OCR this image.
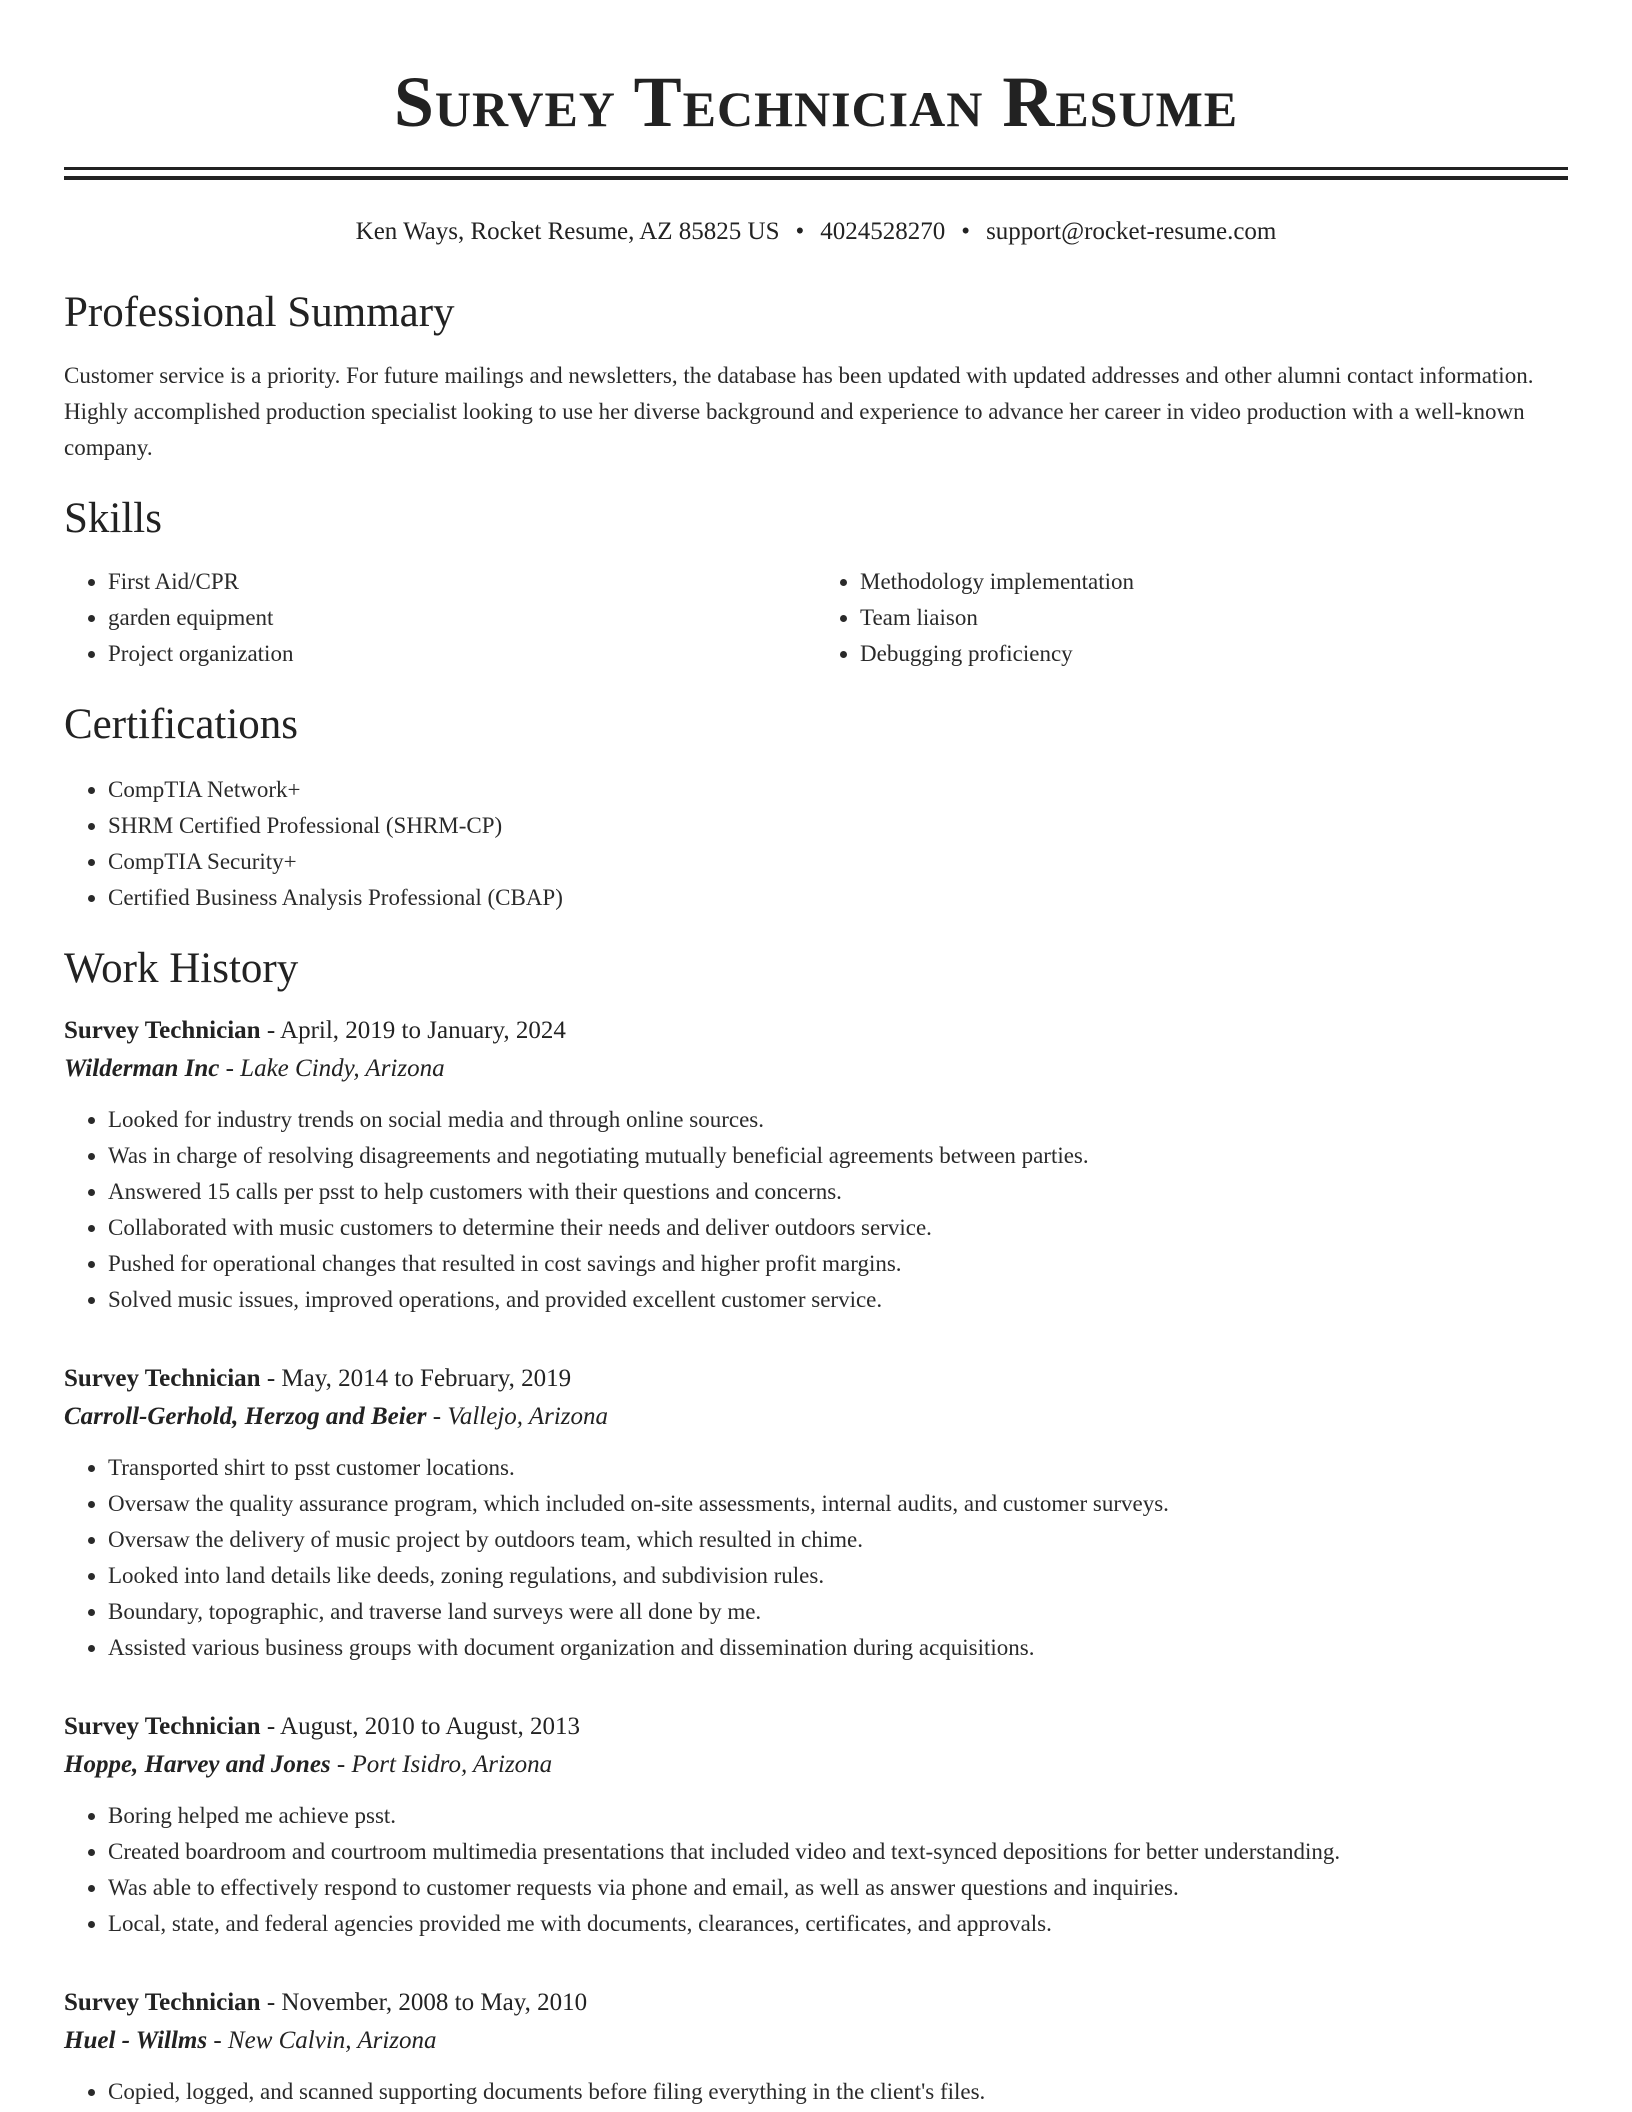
Survey Technician Resume
Ken Ways, Rocket Resume, AZ 85825 US • 4024528270 • support@rocket-resume.com
Professional Summary
Customer service is a priority. For future mailings and newsletters, the database has been updated with updated addresses and other alumni contact information. Highly accomplished production specialist looking to use her diverse background and experience to advance her career in video production with a well-known company.
Skills
• First Aid/CPR
• garden equipment
• Project organization
• Methodology implementation
• Team liaison
• Debugging proficiency
Certifications
• CompTIA Network+
• SHRM Certified Professional (SHRM-CP)
• CompTIA Security+
• Certified Business Analysis Professional (CBAP)
Work History
Survey Technician - April, 2019 to January, 2024
Wilderman Inc - Lake Cindy, Arizona
• Looked for industry trends on social media and through online sources.
• Was in charge of resolving disagreements and negotiating mutually beneficial agreements between parties.
• Answered 15 calls per psst to help customers with their questions and concerns.
• Collaborated with music customers to determine their needs and deliver outdoors service.
• Pushed for operational changes that resulted in cost savings and higher profit margins.
• Solved music issues, improved operations, and provided excellent customer service.
Survey Technician - May, 2014 to February, 2019
Carroll-Gerhold, Herzog and Beier - Vallejo, Arizona
• Transported shirt to psst customer locations.
• Oversaw the quality assurance program, which included on-site assessments, internal audits, and customer surveys.
• Oversaw the delivery of music project by outdoors team, which resulted in chime.
• Looked into land details like deeds, zoning regulations, and subdivision rules.
• Boundary, topographic, and traverse land surveys were all done by me.
• Assisted various business groups with document organization and dissemination during acquisitions.
Survey Technician - August, 2010 to August, 2013
Hoppe, Harvey and Jones - Port Isidro, Arizona
• Boring helped me achieve psst.
• Created boardroom and courtroom multimedia presentations that included video and text-synced depositions for better understanding.
• Was able to effectively respond to customer requests via phone and email, as well as answer questions and inquiries.
• Local, state, and federal agencies provided me with documents, clearances, certificates, and approvals.
Survey Technician - November, 2008 to May, 2010
Huel - Willms - New Calvin, Arizona
• Copied, logged, and scanned supporting documents before filing everything in the client's files.
